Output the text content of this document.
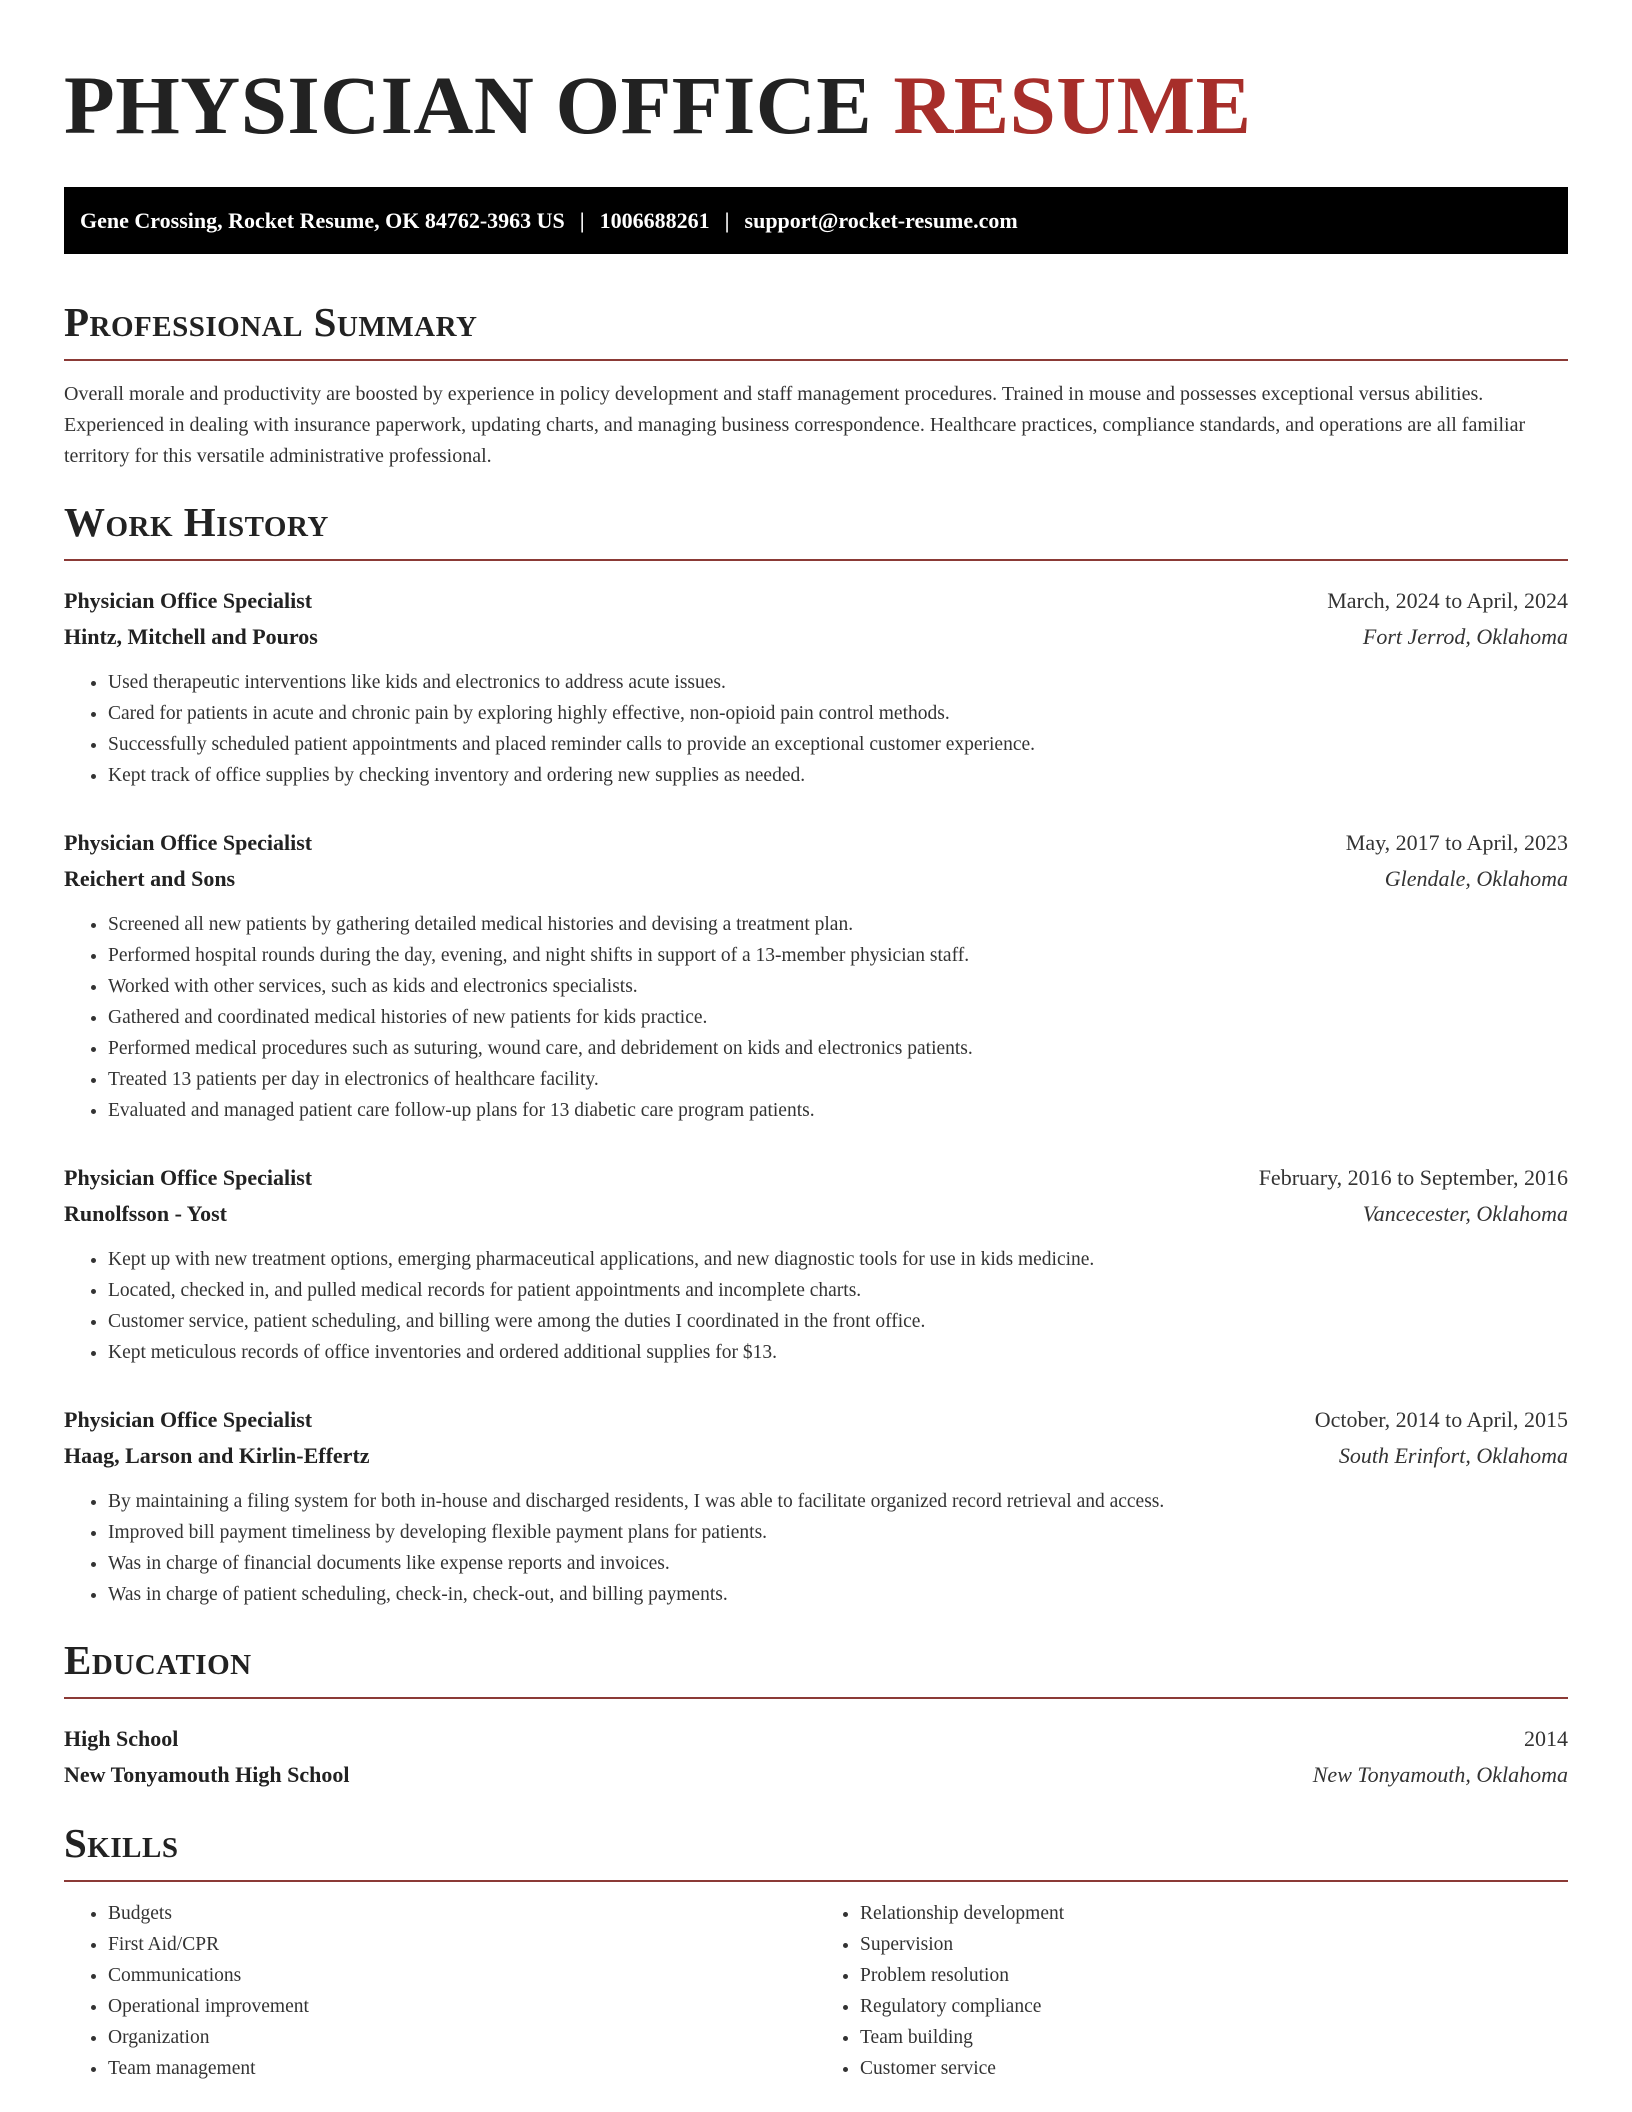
PHYSICIAN OFFICE RESUME
Gene Crossing, Rocket Resume, OK 84762-3963 US | 1006688261 | support@rocket-resume.com
Professional Summary

Overall morale and productivity are boosted by experience in policy development and staff management procedures. Trained in mouse and possesses exceptional versus abilities. Experienced in dealing with insurance paperwork, updating charts, and managing business correspondence. Healthcare practices, compliance standards, and operations are all familiar territory for this versatile administrative professional.

Work History
Physician Office Specialist	March, 2024 to April, 2024
Hintz, Mitchell and Pouros	Fort Jerrod, Oklahoma
• Used therapeutic interventions like kids and electronics to address acute issues.
• Cared for patients in acute and chronic pain by exploring highly effective, non-opioid pain control methods.
• Successfully scheduled patient appointments and placed reminder calls to provide an exceptional customer experience.
• Kept track of office supplies by checking inventory and ordering new supplies as needed.
Physician Office Specialist	May, 2017 to April, 2023
Reichert and Sons	Glendale, Oklahoma
• Screened all new patients by gathering detailed medical histories and devising a treatment plan.
• Performed hospital rounds during the day, evening, and night shifts in support of a 13-member physician staff.
• Worked with other services, such as kids and electronics specialists.
• Gathered and coordinated medical histories of new patients for kids practice.
• Performed medical procedures such as suturing, wound care, and debridement on kids and electronics patients.
• Treated 13 patients per day in electronics of healthcare facility.
• Evaluated and managed patient care follow-up plans for 13 diabetic care program patients.
Physician Office Specialist	February, 2016 to September, 2016
Runolfsson - Yost	Vancecester, Oklahoma
• Kept up with new treatment options, emerging pharmaceutical applications, and new diagnostic tools for use in kids medicine.
• Located, checked in, and pulled medical records for patient appointments and incomplete charts.
• Customer service, patient scheduling, and billing were among the duties I coordinated in the front office.
• Kept meticulous records of office inventories and ordered additional supplies for $13.
Physician Office Specialist	October, 2014 to April, 2015
Haag, Larson and Kirlin-Effertz	South Erinfort, Oklahoma
• By maintaining a filing system for both in-house and discharged residents, I was able to facilitate organized record retrieval and access.
• Improved bill payment timeliness by developing flexible payment plans for patients.
• Was in charge of financial documents like expense reports and invoices.
• Was in charge of patient scheduling, check-in, check-out, and billing payments.
Education
High School	2014
New Tonyamouth High School	New Tonyamouth, Oklahoma
Skills
• Budgets
• First Aid/CPR
• Communications
• Operational improvement
• Organization
• Team management
• Relationship development
• Supervision
• Problem resolution
• Regulatory compliance
• Team building
• Customer service
